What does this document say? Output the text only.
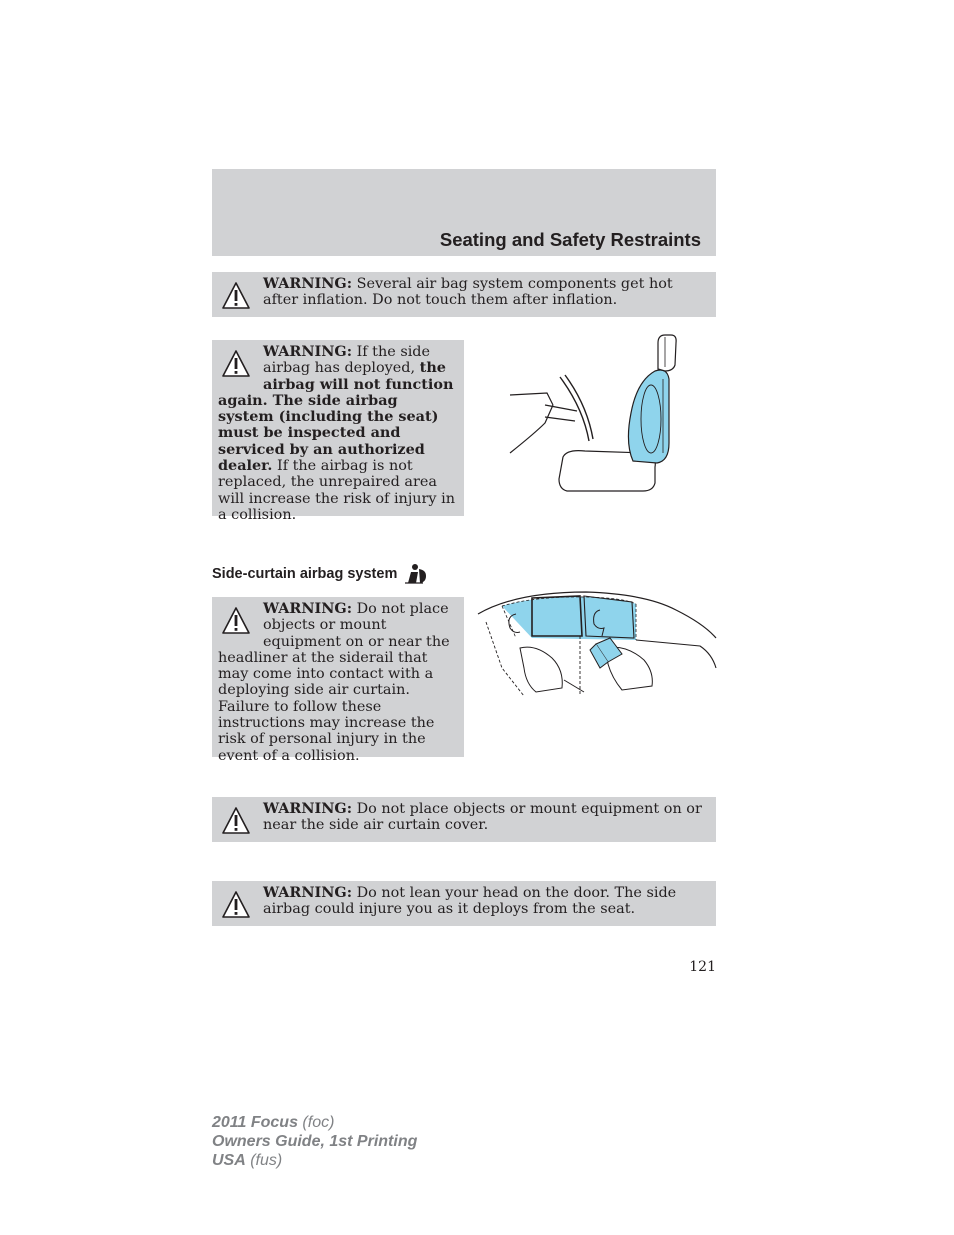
Seating and Safety Restraints
WARNING: Several air bag system components get hot after inflation. Do not touch them after inflation.
WARNING: If the side airbag has deployed, the airbag will not function again. The side airbag system (including the seat) must be inspected and serviced by an authorized dealer. If the airbag is not replaced, the unrepaired area will increase the risk of injury in a collision.
Side-curtain airbag system
WARNING: Do not place objects or mount equipment on or near the headliner at the siderail that may come into contact with a deploying side air curtain. Failure to follow these instructions may increase the risk of personal injury in the event of a collision.
WARNING: Do not place objects or mount equipment on or near the side air curtain cover.
WARNING: Do not lean your head on the door. The side airbag could injure you as it deploys from the seat.
121
2011 Focus (foc)
Owners Guide, 1st Printing
USA (fus)
